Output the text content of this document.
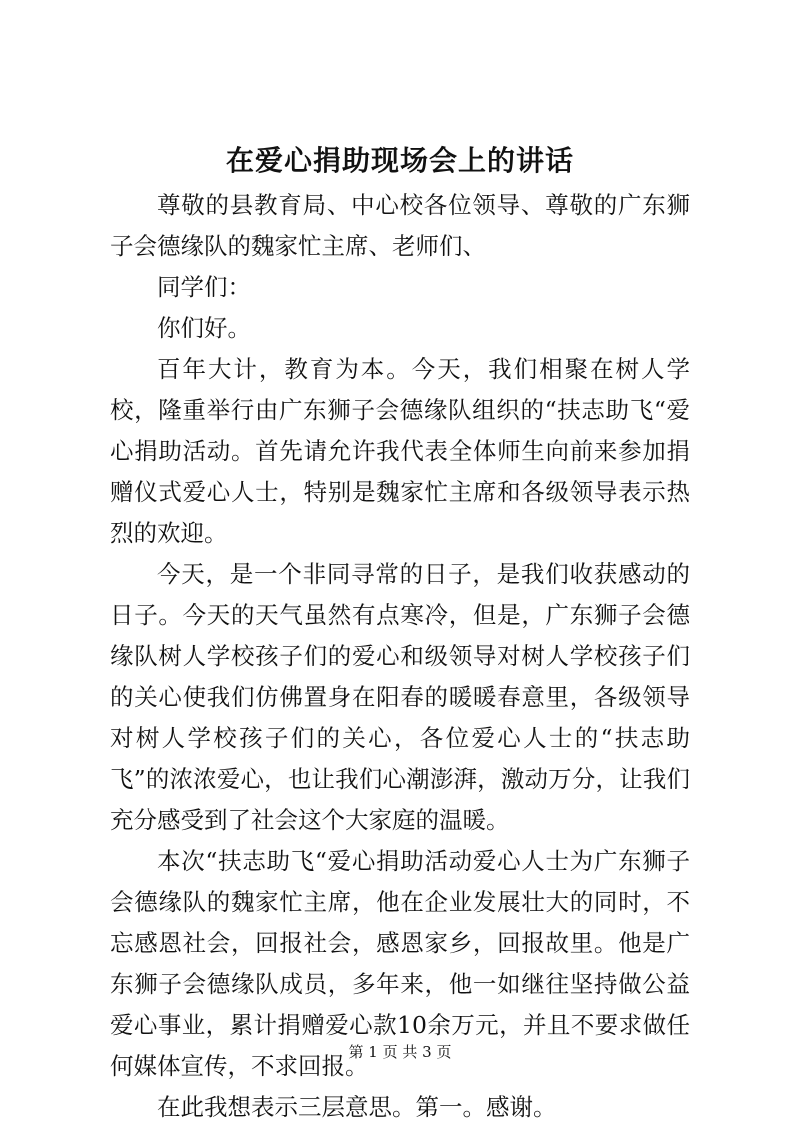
在爱心捐助现场会上的讲话

尊敬的县教育局、中心校各位领导、尊敬的广东狮子会德缘队的魏家忙主席、老师们、

同学们：

你们好。

百年大计，教育为本。今天，我们相聚在树人学校，隆重举行由广东狮子会德缘队组织的“扶志助飞“爱心捐助活动。首先请允许我代表全体师生向前来参加捐赠仪式爱心人士，特别是魏家忙主席和各级领导表示热烈的欢迎。

今天，是一个非同寻常的日子，是我们收获感动的日子。今天的天气虽然有点寒冷，但是，广东狮子会德缘队树人学校孩子们的爱心和级领导对树人学校孩子们的关心使我们仿佛置身在阳春的暖暖春意里，各级领导对树人学校孩子们的关心，各位爱心人士的“扶志助飞”的浓浓爱心，也让我们心潮澎湃，激动万分，让我们充分感受到了社会这个大家庭的温暖。

本次“扶志助飞“爱心捐助活动爱心人士为广东狮子会德缘队的魏家忙主席，他在企业发展壮大的同时，不忘感恩社会，回报社会，感恩家乡，回报故里。他是广东狮子会德缘队成员，多年来，他一如继往坚持做公益爱心事业，累计捐赠爱心款10余万元，并且不要求做任何媒体宣传，不求回报。

在此我想表示三层意思。第一。感谢。

第 1 页 共 3 页
